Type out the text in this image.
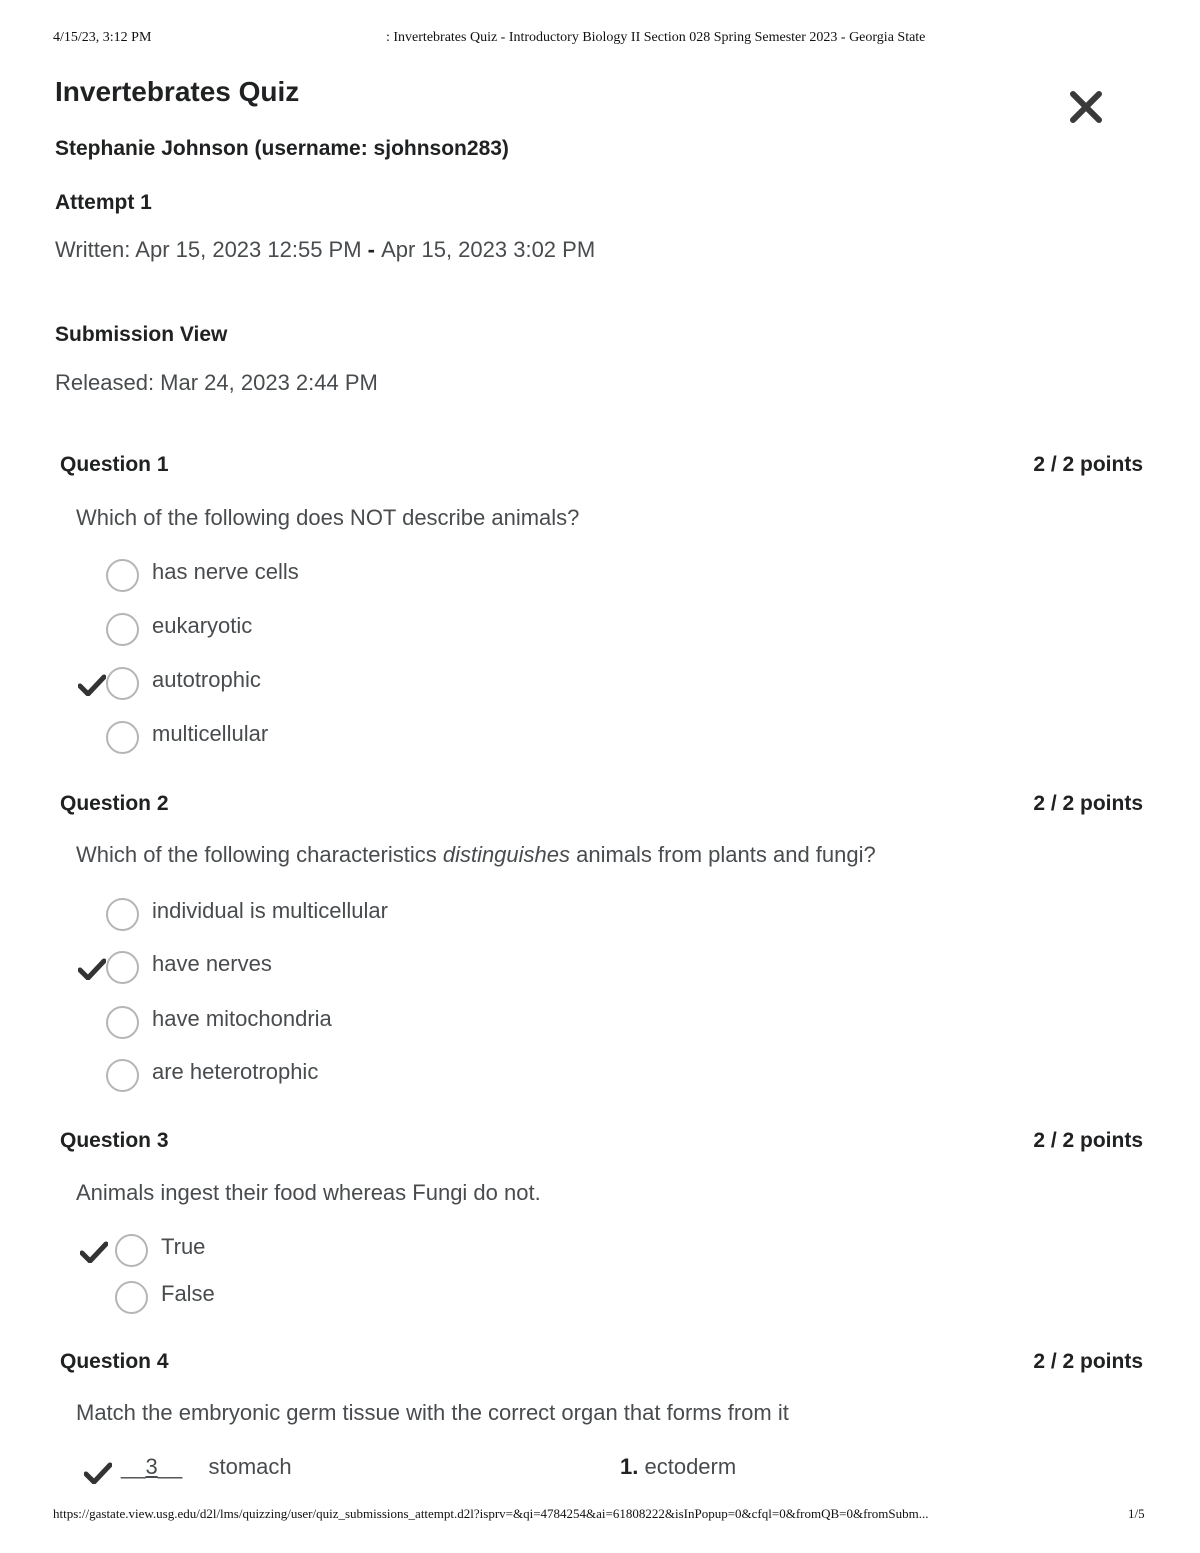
4/15/23, 3:12 PM	: Invertebrates Quiz - Introductory Biology II Section 028 Spring Semester 2023 - Georgia State
Invertebrates Quiz
Stephanie Johnson (username: sjohnson283)
Attempt 1
Written: Apr 15, 2023 12:55 PM - Apr 15, 2023 3:02 PM
Submission View
Released: Mar 24, 2023 2:44 PM
Question 1	2 / 2 points
Which of the following does NOT describe animals?
has nerve cells
eukaryotic
autotrophic
multicellular
Question 2	2 / 2 points
Which of the following characteristics distinguishes animals from plants and fungi?
individual is multicellular
have nerves
have mitochondria
are heterotrophic
Question 3	2 / 2 points
Animals ingest their food whereas Fungi do not.
True
False
Question 4	2 / 2 points
Match the embryonic germ tissue with the correct organ that forms from it
__3__ stomach	1. ectoderm
https://gastate.view.usg.edu/d2l/lms/quizzing/user/quiz_submissions_attempt.d2l?isprv=&qi=4784254&ai=61808222&isInPopup=0&cfql=0&fromQB=0&fromSubm...	1/5
